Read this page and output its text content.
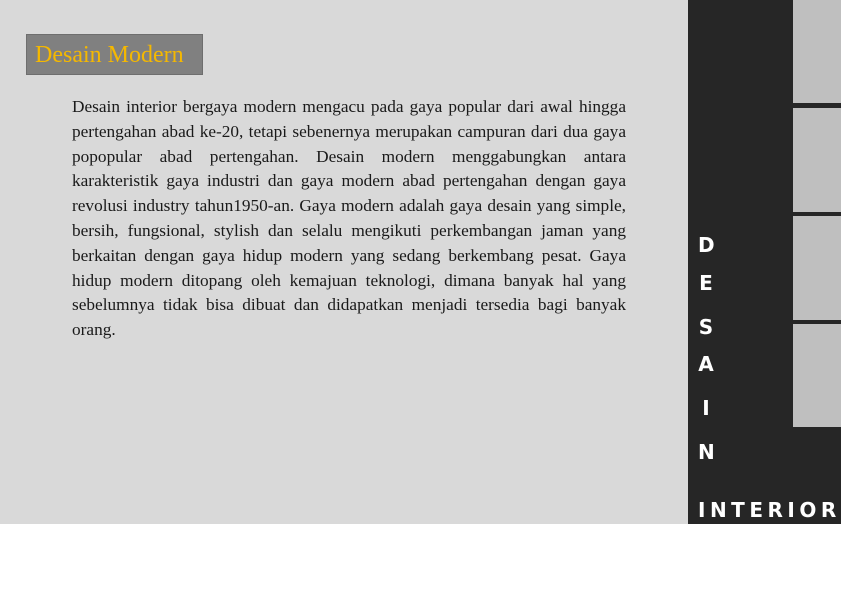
Desain Modern
Desain interior bergaya modern mengacu pada gaya popular dari awal hingga pertengahan abad ke-20, tetapi sebenernya merupakan campuran dari dua gaya popopular abad pertengahan. Desain modern menggabungkan antara karakteristik gaya industri dan gaya modern abad pertengahan dengan gaya revolusi industry tahun1950-an. Gaya modern adalah gaya desain yang simple, bersih, fungsional, stylish dan selalu mengikuti perkembangan jaman yang berkaitan dengan gaya hidup modern yang sedang berkembang pesat. Gaya hidup modern ditopang oleh kemajuan teknologi, dimana banyak hal yang sebelumnya tidak bisa dibuat dan didapatkan menjadi tersedia bagi banyak orang.
D
E
S
A
I
N
INTERIOR
